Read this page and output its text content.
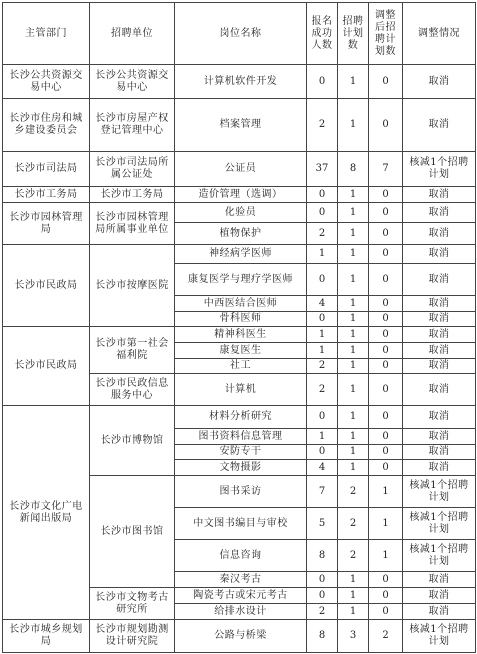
主管部门	招聘单位	岗位名称	报名成功人数	招聘计划数	调整后招聘计划数	调整情况
长沙公共资源交易中心	长沙公共资源交易中心	计算机软件开发	0	1	0	取消
长沙市住房和城乡建设委员会	长沙市房屋产权登记管理中心	档案管理	2	1	0	取消
长沙市司法局	长沙市司法局所属公证处	公证员	37	8	7	核减1个招聘计划
长沙市工务局	长沙市工务局	造价管理（选调）	0	1	0	取消
长沙市园林管理局	长沙市园林管理局所属事业单位	化验员	0	1	0	取消
		植物保护	2	1	0	取消
长沙市民政局	长沙市按摩医院	神经病学医师	1	1	0	取消
		康复医学与理疗学医师	0	1	0	取消
		中西医结合医师	4	1	0	取消
		骨科医师	0	1	0	取消
长沙市民政局	长沙市第一社会福利院	精神科医生	1	1	0	取消
		康复医生	1	1	0	取消
		社工	2	1	0	取消
	长沙市民政信息服务中心	计算机	2	1	0	取消
长沙市文化广电新闻出版局	长沙市博物馆	材料分析研究	0	1	0	取消
		图书资料信息管理	1	1	0	取消
		安防专干	0	1	0	取消
		文物摄影	4	1	0	取消
	长沙市图书馆	图书采访	7	2	1	核减1个招聘计划
		中文图书编目与审校	5	2	1	核减1个招聘计划
		信息咨询	8	2	1	核减1个招聘计划
		秦汉考古	0	1	0	取消
	长沙市文物考古研究所	陶瓷考古或宋元考古	0	1	0	取消
		给排水设计	2	1	0	取消
长沙市城乡规划局	长沙市规划勘测设计研究院	公路与桥梁	8	3	2	核减1个招聘计划
